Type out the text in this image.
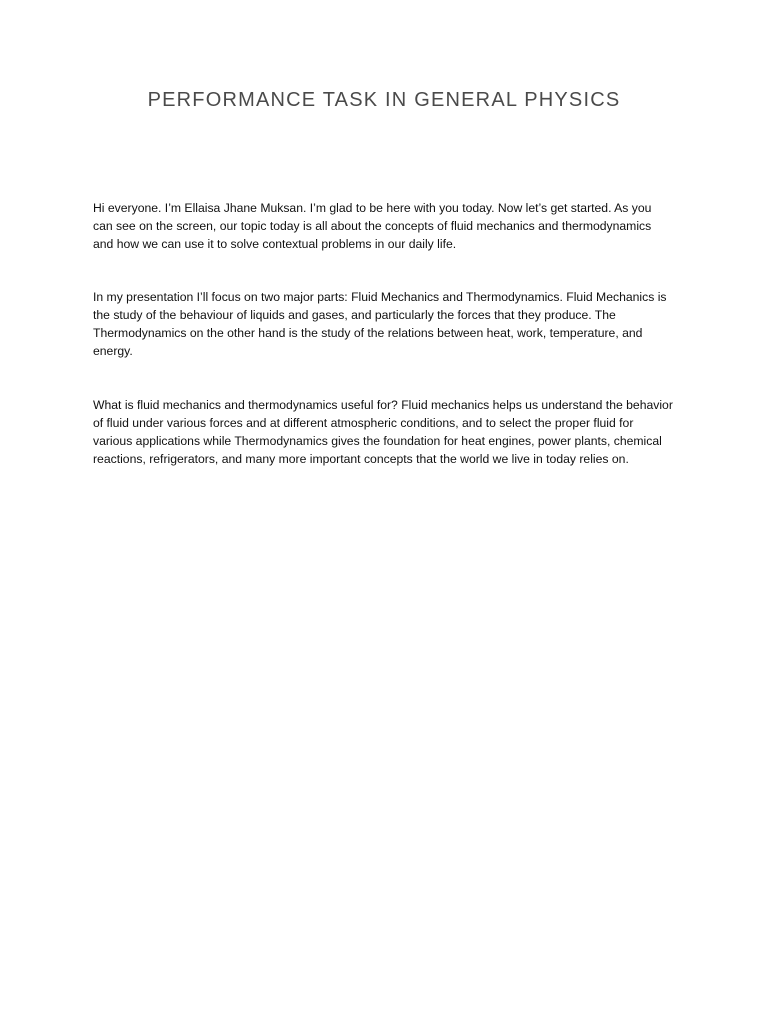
PERFORMANCE TASK IN GENERAL PHYSICS

Hi everyone. I’m Ellaisa Jhane Muksan. I’m glad to be here with you today. Now let’s get started. As you can see on the screen, our topic today is all about the concepts of fluid mechanics and thermodynamics and how we can use it to solve contextual problems in our daily life.

In my presentation I’ll focus on two major parts: Fluid Mechanics and Thermodynamics. Fluid Mechanics is the study of the behaviour of liquids and gases, and particularly the forces that they produce. The Thermodynamics on the other hand is the study of the relations between heat, work, temperature, and energy.

What is fluid mechanics and thermodynamics useful for? Fluid mechanics helps us understand the behavior of fluid under various forces and at different atmospheric conditions, and to select the proper fluid for various applications while Thermodynamics gives the foundation for heat engines, power plants, chemical reactions, refrigerators, and many more important concepts that the world we live in today relies on.
